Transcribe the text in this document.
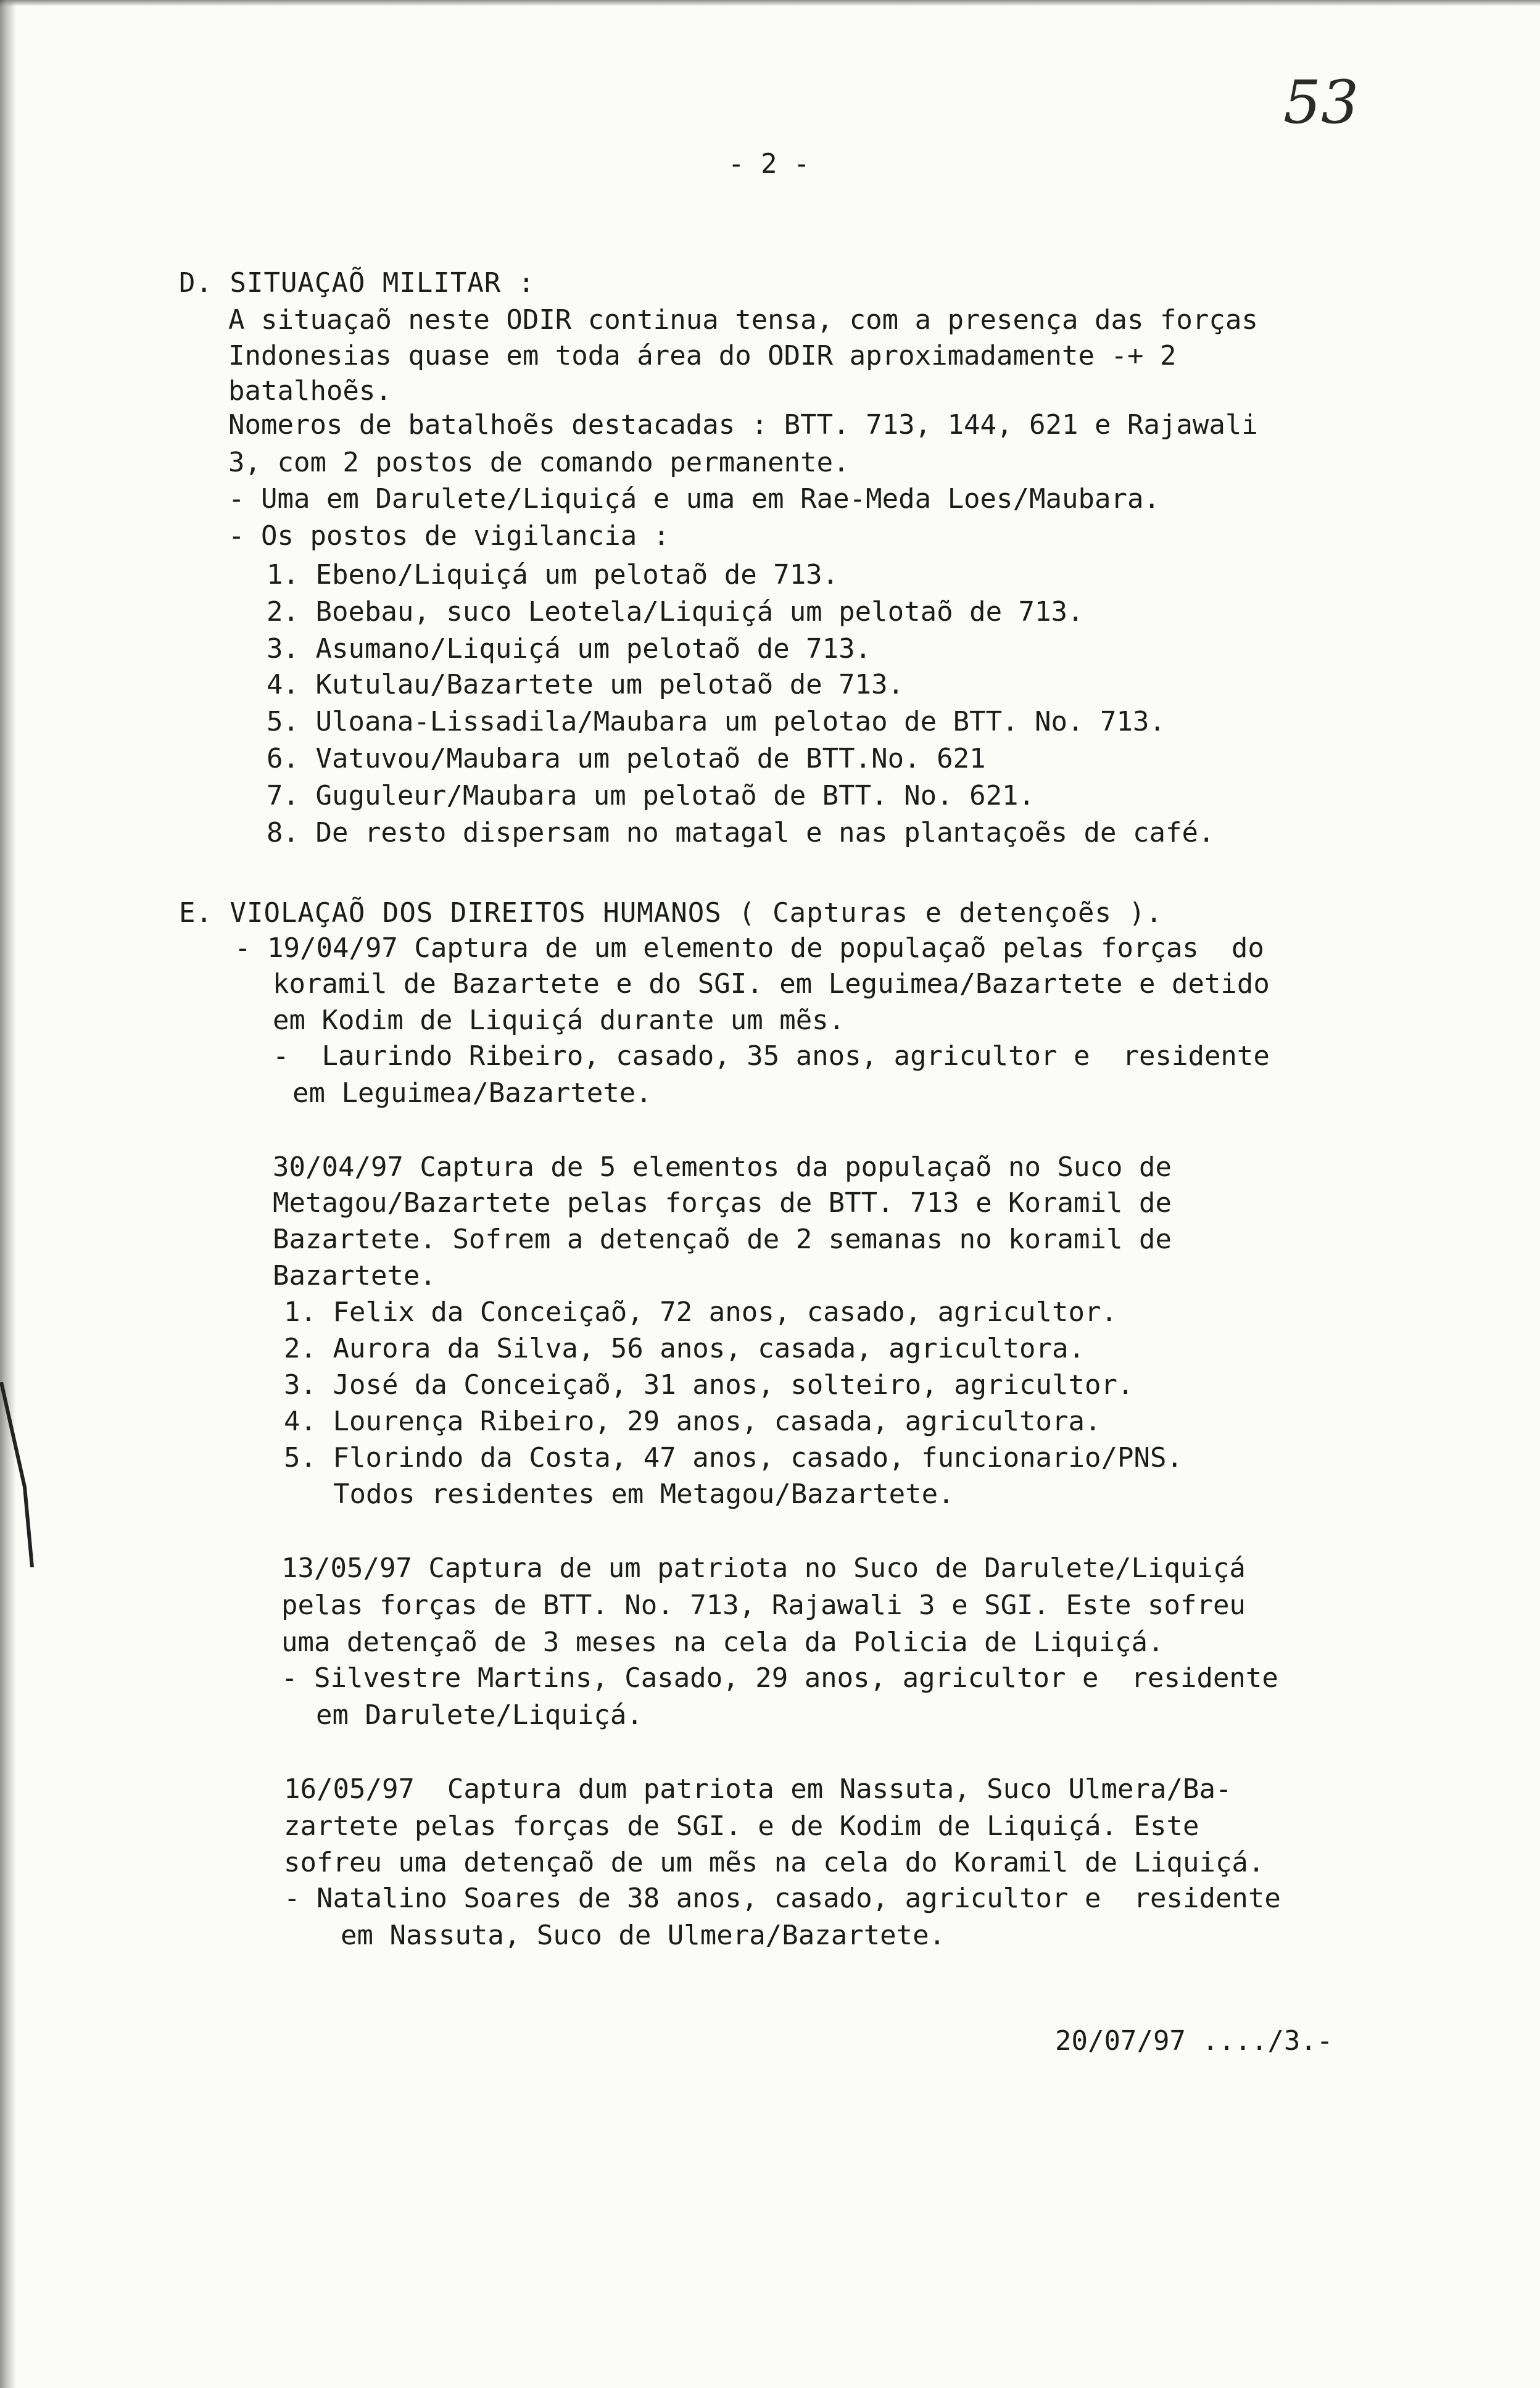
53
- 2 -
D. SITUAÇAÕ MILITAR :
A situaçaõ neste ODIR continua tensa, com a presença das forças
Indonesias quase em toda área do ODIR aproximadamente -+ 2
batalhoẽs.
Nomeros de batalhoẽs destacadas : BTT. 713, 144, 621 e Rajawali
3, com 2 postos de comando permanente.
- Uma em Darulete/Liquiçá e uma em Rae-Meda Loes/Maubara.
- Os postos de vigilancia :
1. Ebeno/Liquiçá um pelotaõ de 713.
2. Boebau, suco Leotela/Liquiçá um pelotaõ de 713.
3. Asumano/Liquiçá um pelotaõ de 713.
4. Kutulau/Bazartete um pelotaõ de 713.
5. Uloana-Lissadila/Maubara um pelotao de BTT. No. 713.
6. Vatuvou/Maubara um pelotaõ de BTT.No. 621
7. Guguleur/Maubara um pelotaõ de BTT. No. 621.
8. De resto dispersam no matagal e nas plantaçoẽs de café.
E. VIOLAÇAÕ DOS DIREITOS HUMANOS ( Capturas e detençoẽs ).
- 19/04/97 Captura de um elemento de populaçaõ pelas forças  do
koramil de Bazartete e do SGI. em Leguimea/Bazartete e detido
em Kodim de Liquiçá durante um mẽs.
-  Laurindo Ribeiro, casado, 35 anos, agricultor e  residente
em Leguimea/Bazartete.
30/04/97 Captura de 5 elementos da populaçaõ no Suco de
Metagou/Bazartete pelas forças de BTT. 713 e Koramil de
Bazartete. Sofrem a detençaõ de 2 semanas no koramil de
Bazartete.
1. Felix da Conceiçaõ, 72 anos, casado, agricultor.
2. Aurora da Silva, 56 anos, casada, agricultora.
3. José da Conceiçaõ, 31 anos, solteiro, agricultor.
4. Lourença Ribeiro, 29 anos, casada, agricultora.
5. Florindo da Costa, 47 anos, casado, funcionario/PNS.
Todos residentes em Metagou/Bazartete.
13/05/97 Captura de um patriota no Suco de Darulete/Liquiçá
pelas forças de BTT. No. 713, Rajawali 3 e SGI. Este sofreu
uma detençaõ de 3 meses na cela da Policia de Liquiçá.
- Silvestre Martins, Casado, 29 anos, agricultor e  residente
em Darulete/Liquiçá.
16/05/97  Captura dum patriota em Nassuta, Suco Ulmera/Ba-
zartete pelas forças de SGI. e de Kodim de Liquiçá. Este
sofreu uma detençaõ de um mẽs na cela do Koramil de Liquiçá.
- Natalino Soares de 38 anos, casado, agricultor e  residente
em Nassuta, Suco de Ulmera/Bazartete.
20/07/97 ..../3.-
